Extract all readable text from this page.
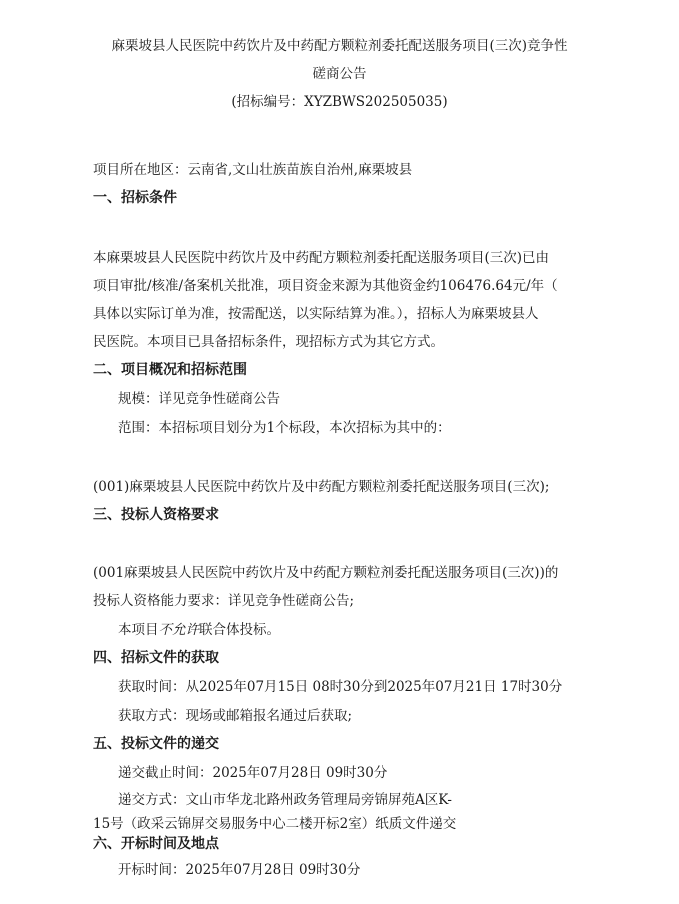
麻栗坡县人民医院中药饮片及中药配方颗粒剂委托配送服务项目(三次)竞争性
磋商公告
(招标编号：XYZBWS202505035)
项目所在地区：云南省,文山壮族苗族自治州,麻栗坡县
一、招标条件
本麻栗坡县人民医院中药饮片及中药配方颗粒剂委托配送服务项目(三次)已由
项目审批/核准/备案机关批准，项目资金来源为其他资金约106476.64元/年（
具体以实际订单为准，按需配送，以实际结算为准。），招标人为麻栗坡县人
民医院。本项目已具备招标条件，现招标方式为其它方式。
二、项目概况和招标范围
规模：详见竞争性磋商公告
范围：本招标项目划分为1个标段，本次招标为其中的：
(001)麻栗坡县人民医院中药饮片及中药配方颗粒剂委托配送服务项目(三次);
三、投标人资格要求
(001麻栗坡县人民医院中药饮片及中药配方颗粒剂委托配送服务项目(三次))的
投标人资格能力要求：详见竞争性磋商公告;
本项目不允许联合体投标。
四、招标文件的获取
获取时间：从2025年07月15日 08时30分到2025年07月21日 17时30分
获取方式：现场或邮箱报名通过后获取;
五、投标文件的递交
递交截止时间：2025年07月28日 09时30分
递交方式：文山市华龙北路州政务管理局旁锦屏苑A区K-
15号（政采云锦屏交易服务中心二楼开标2室）纸质文件递交
六、开标时间及地点
开标时间：2025年07月28日 09时30分
